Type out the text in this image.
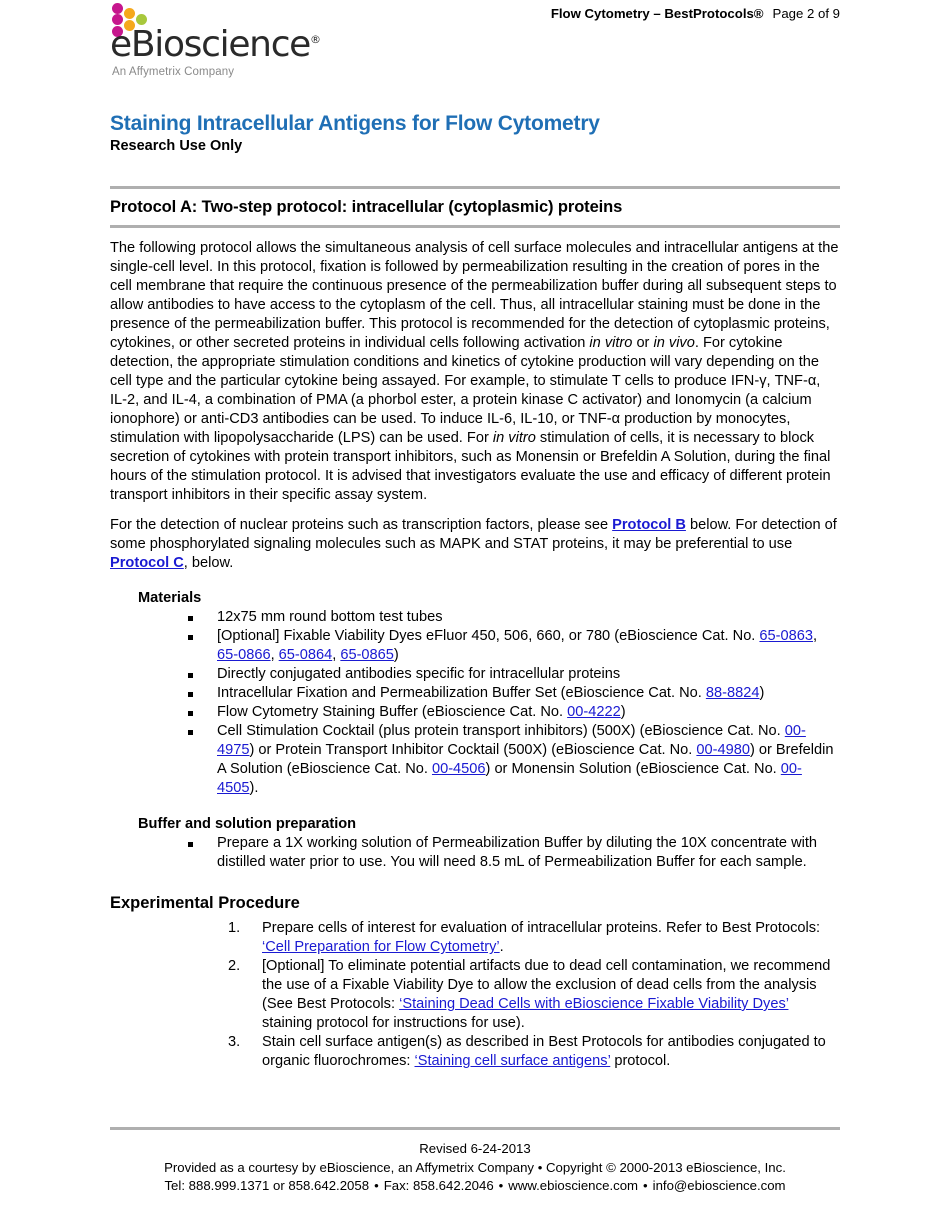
eBioscience®
An Affymetrix Company
Flow Cytometry – BestProtocols® Page 2 of 9
Staining Intracellular Antigens for Flow Cytometry
Research Use Only
Protocol A: Two-step protocol: intracellular (cytoplasmic) proteins

The following protocol allows the simultaneous analysis of cell surface molecules and intracellular antigens at the single-cell level. In this protocol, fixation is followed by permeabilization resulting in the creation of pores in the cell membrane that require the continuous presence of the permeabilization buffer during all subsequent steps to allow antibodies to have access to the cytoplasm of the cell. Thus, all intracellular staining must be done in the presence of the permeabilization buffer. This protocol is recommended for the detection of cytoplasmic proteins, cytokines, or other secreted proteins in individual cells following activation in vitro or in vivo. For cytokine detection, the appropriate stimulation conditions and kinetics of cytokine production will vary depending on the cell type and the particular cytokine being assayed. For example, to stimulate T cells to produce IFN-γ, TNF-α, IL-2, and IL-4, a combination of PMA (a phorbol ester, a protein kinase C activator) and Ionomycin (a calcium ionophore) or anti-CD3 antibodies can be used. To induce IL-6, IL-10, or TNF-α production by monocytes, stimulation with lipopolysaccharide (LPS) can be used. For in vitro stimulation of cells, it is necessary to block secretion of cytokines with protein transport inhibitors, such as Monensin or Brefeldin A Solution, during the final hours of the stimulation protocol. It is advised that investigators evaluate the use and efficacy of different protein transport inhibitors in their specific assay system.

For the detection of nuclear proteins such as transcription factors, please see Protocol B below. For detection of some phosphorylated signaling molecules such as MAPK and STAT proteins, it may be preferential to use Protocol C, below.

Materials
12x75 mm round bottom test tubes
[Optional] Fixable Viability Dyes eFluor 450, 506, 660, or 780 (eBioscience Cat. No. 65-0863, 65-0866, 65-0864, 65-0865)
Directly conjugated antibodies specific for intracellular proteins
Intracellular Fixation and Permeabilization Buffer Set (eBioscience Cat. No. 88-8824)
Flow Cytometry Staining Buffer (eBioscience Cat. No. 00-4222)
Cell Stimulation Cocktail (plus protein transport inhibitors) (500X) (eBioscience Cat. No. 00-4975) or Protein Transport Inhibitor Cocktail (500X) (eBioscience Cat. No. 00-4980) or Brefeldin A Solution (eBioscience Cat. No. 00-4506) or Monensin Solution (eBioscience Cat. No. 00-4505).
Buffer and solution preparation
Prepare a 1X working solution of Permeabilization Buffer by diluting the 10X concentrate with distilled water prior to use. You will need 8.5 mL of Permeabilization Buffer for each sample.
Experimental Procedure
Prepare cells of interest for evaluation of intracellular proteins. Refer to Best Protocols: ‘Cell Preparation for Flow Cytometry’.
[Optional] To eliminate potential artifacts due to dead cell contamination, we recommend the use of a Fixable Viability Dye to allow the exclusion of dead cells from the analysis (See Best Protocols: ‘Staining Dead Cells with eBioscience Fixable Viability Dyes’ staining protocol for instructions for use).
Stain cell surface antigen(s) as described in Best Protocols for antibodies conjugated to organic fluorochromes: ‘Staining cell surface antigens’ protocol.
Revised 6-24-2013
Provided as a courtesy by eBioscience, an Affymetrix Company • Copyright © 2000-2013 eBioscience, Inc.
Tel: 888.999.1371 or 858.642.2058 • Fax: 858.642.2046 • www.ebioscience.com • info@ebioscience.com
